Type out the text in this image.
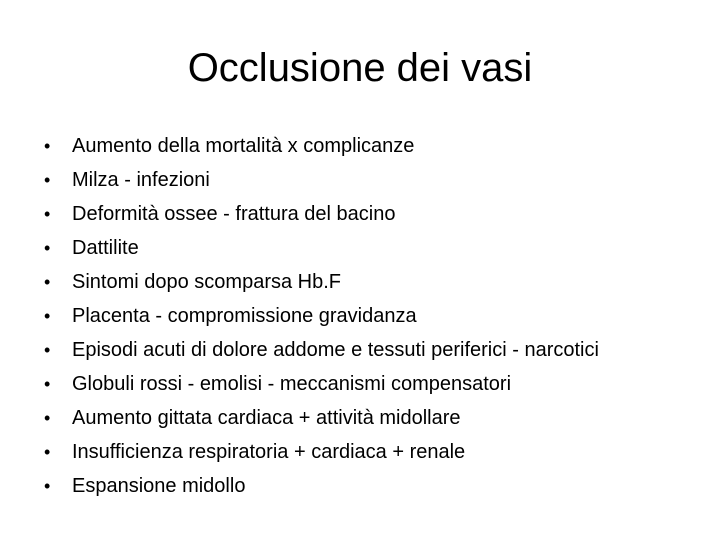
Occlusione dei vasi
•	Aumento della mortalità x complicanze
•	Milza - infezioni
•	Deformità ossee - frattura del bacino
•	Dattilite
•	Sintomi dopo scomparsa Hb.F
•	Placenta - compromissione gravidanza
•	Episodi acuti di dolore addome e tessuti periferici - narcotici
•	Globuli rossi - emolisi - meccanismi compensatori
•	Aumento gittata cardiaca + attività midollare
•	Insufficienza respiratoria + cardiaca + renale
•	Espansione midollo
